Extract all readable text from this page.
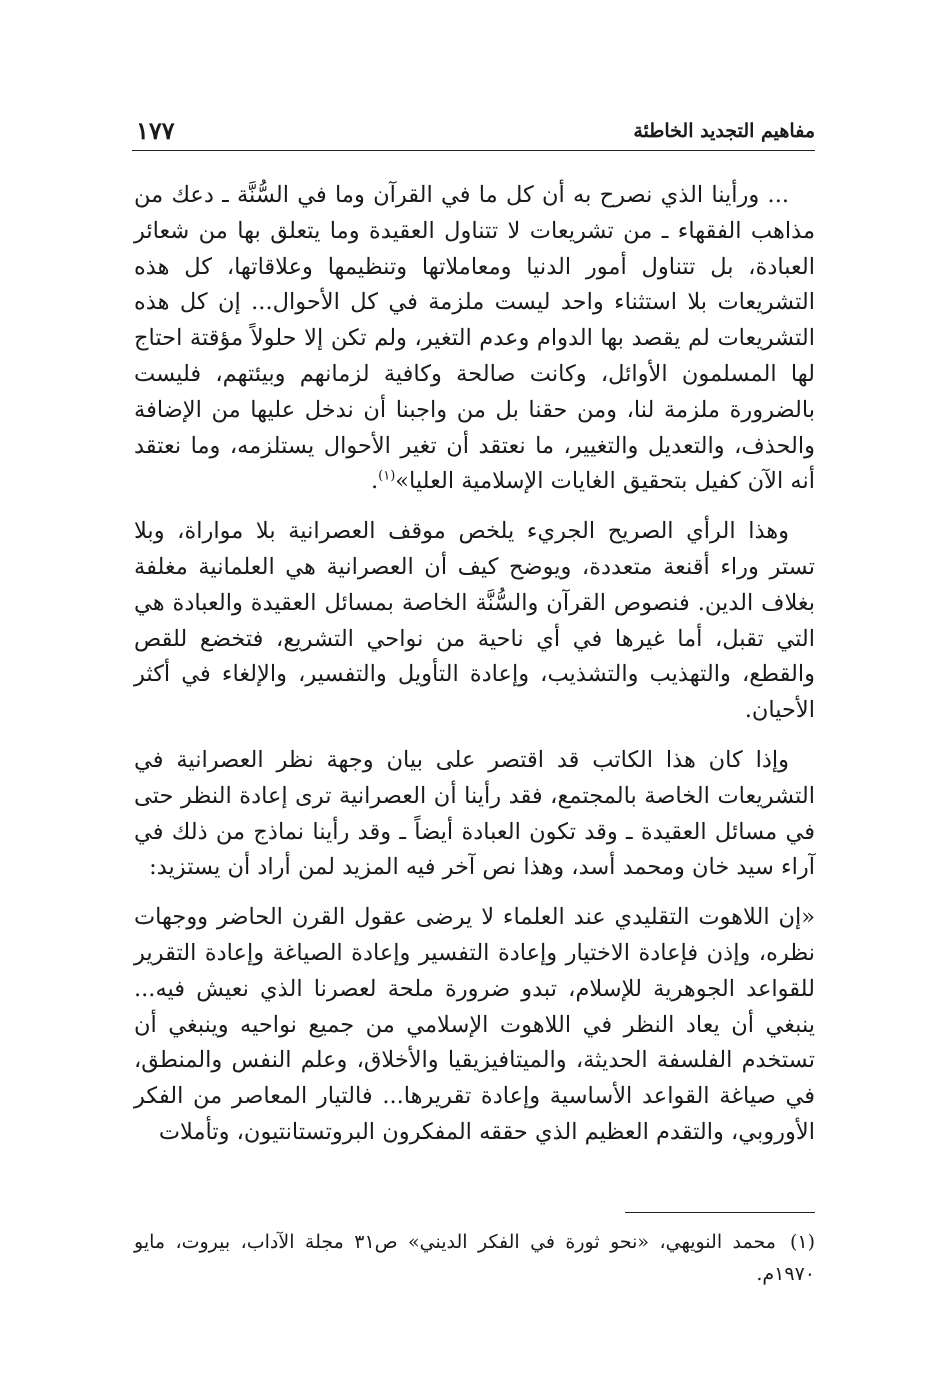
مفاهيم التجديد الخاطئة
١٧٧

... ورأينا الذي نصرح به أن كل ما في القرآن وما في السُّنَّة ـ دعك من مذاهب الفقهاء ـ من تشريعات لا تتناول العقيدة وما يتعلق بها من شعائر العبادة، بل تتناول أمور الدنيا ومعاملاتها وتنظيمها وعلاقاتها، كل هذه التشريعات بلا استثناء واحد ليست ملزمة في كل الأحوال... إن كل هذه التشريعات لم يقصد بها الدوام وعدم التغير، ولم تكن إلا حلولاً مؤقتة احتاج لها المسلمون الأوائل، وكانت صالحة وكافية لزمانهم وبيئتهم، فليست بالضرورة ملزمة لنا، ومن حقنا بل من واجبنا أن ندخل عليها من الإضافة والحذف، والتعديل والتغيير، ما نعتقد أن تغير الأحوال يستلزمه، وما نعتقد أنه الآن كفيل بتحقيق الغايات الإسلامية العليا»$^{(١)}$.

وهذا الرأي الصريح الجريء يلخص موقف العصرانية بلا مواراة، وبلا تستر وراء أقنعة متعددة، ويوضح كيف أن العصرانية هي العلمانية مغلفة بغلاف الدين. فنصوص القرآن والسُّنَّة الخاصة بمسائل العقيدة والعبادة هي التي تقبل، أما غيرها في أي ناحية من نواحي التشريع، فتخضع للقص والقطع، والتهذيب والتشذيب، وإعادة التأويل والتفسير، والإلغاء في أكثر الأحيان.

وإذا كان هذا الكاتب قد اقتصر على بيان وجهة نظر العصرانية في التشريعات الخاصة بالمجتمع، فقد رأينا أن العصرانية ترى إعادة النظر حتى في مسائل العقيدة ـ وقد تكون العبادة أيضاً ـ وقد رأينا نماذج من ذلك في آراء سيد خان ومحمد أسد، وهذا نص آخر فيه المزيد لمن أراد أن يستزيد:

«إن اللاهوت التقليدي عند العلماء لا يرضى عقول القرن الحاضر ووجهات نظره، وإذن فإعادة الاختيار وإعادة التفسير وإعادة الصياغة وإعادة التقرير للقواعد الجوهرية للإسلام، تبدو ضرورة ملحة لعصرنا الذي نعيش فيه... ينبغي أن يعاد النظر في اللاهوت الإسلامي من جميع نواحيه وينبغي أن تستخدم الفلسفة الحديثة، والميتافيزيقيا والأخلاق، وعلم النفس والمنطق، في صياغة القواعد الأساسية وإعادة تقريرها... فالتيار المعاصر من الفكر الأوروبي، والتقدم العظيم الذي حققه المفكرون البروتستانتيون، وتأملات

(١)محمد النويهي، «نحو ثورة في الفكر الديني» ص٣١ مجلة الآداب، بيروت، مايو ١٩٧٠م.
